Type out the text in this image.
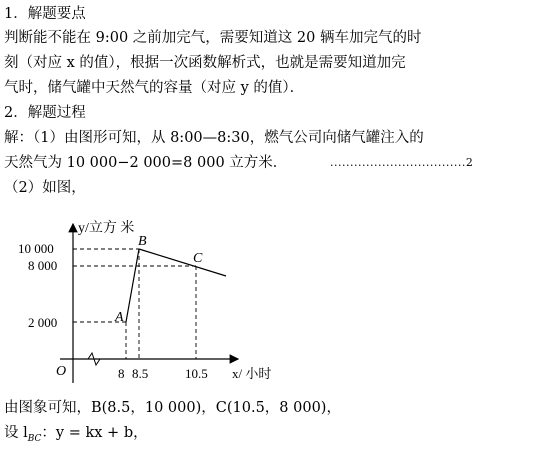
1．解题要点
判断能不能在 9:00 之前加完气，需要知道这 20 辆车加完气的时
刻（对应 x 的值），根据一次函数解析式，也就是需要知道加完
气时，储气罐中天然气的容量（对应 y 的值）．
2．解题过程
解：（1）由图形可知，从 8:00—8:30，燃气公司向储气罐注入的
天然气为 10 000−2 000=8 000 立方米．	..................................2
（2）如图，
y/立方 米
10 000
8 000
2 000
O	8 8.5	10.5 x/ 小时
A
B
C
由图象可知，B(8.5，10 000)，C(10.5，8 000)，
设 $l_{BC}$：y = kx + b，
